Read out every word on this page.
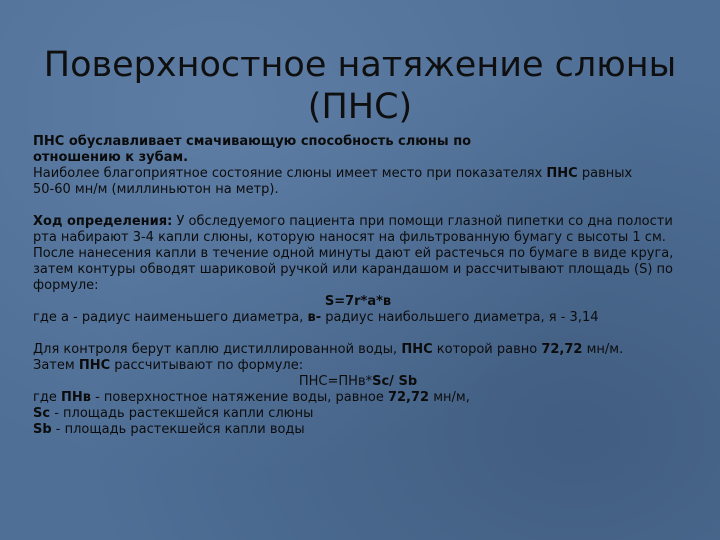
Поверхностное натяжение слюны
(ПНС)

ПНС обуславливает смачивающую способность слюны по

отношению к зубам.

Наиболее благоприятное состояние слюны имеет место при показателях ПНС равных

50-60 мн/м (миллиньютон на метр).

Ход определения: У обследуемого пациента при помощи глазной пипетки со дна полости рта набирают 3-4 капли слюны, которую наносят на фильтрованную бумагу с высоты 1 см. После нанесения капли в течение одной минуты дают ей растечься по бумаге в виде круга, затем контуры обводят шариковой ручкой или карандашом и рассчитывают площадь (S) по формуле:

S=7r*а*в

где а - радиус наименьшего диаметра, в- радиус наибольшего диаметра, я - 3,14

Для контроля берут каплю дистиллированной воды, ПНС которой равно 72,72 мн/м.

Затем ПНС рассчитывают по формуле:

ПНС=ПНв*Sc/ Sb

где ПНв - поверхностное натяжение воды, равное 72,72 мн/м,

Sc - площадь растекшейся капли слюны

Sb - площадь растекшейся капли воды
